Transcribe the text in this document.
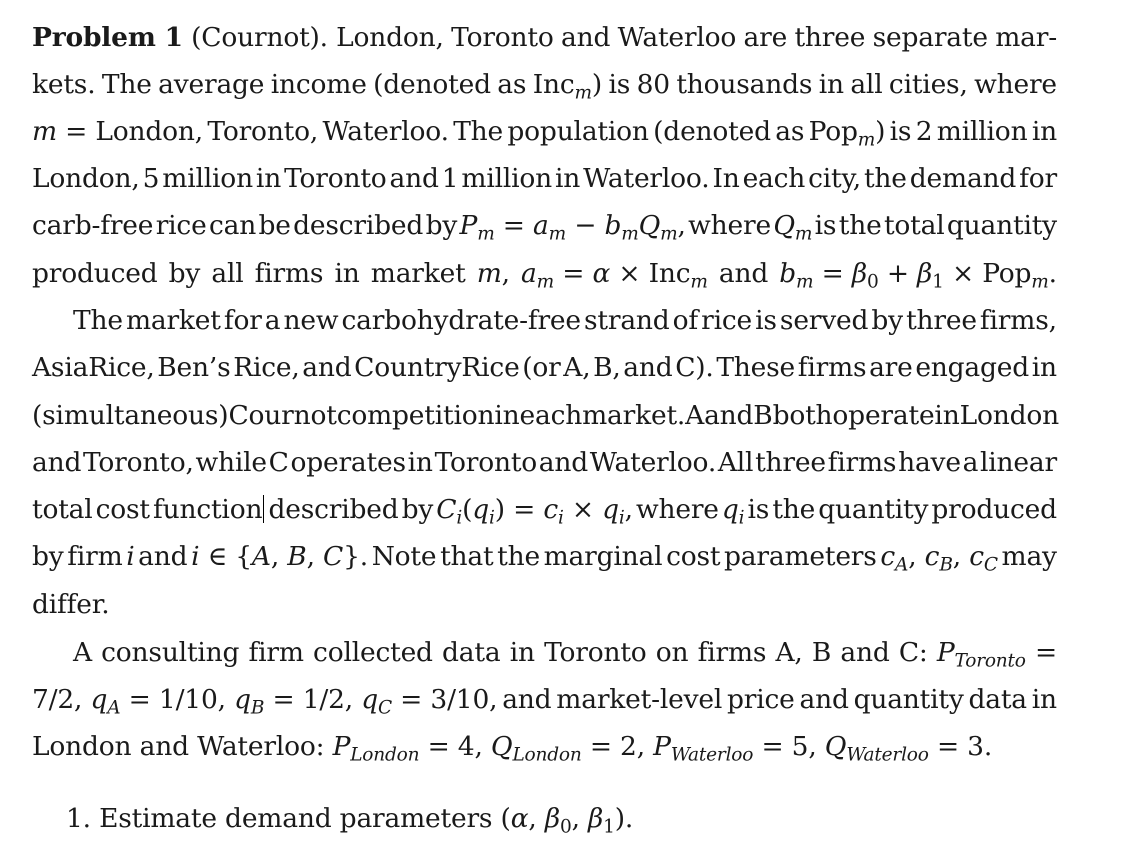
Problem 1 (Cournot). London, Toronto and Waterloo are three separate mar-
kets. The average income (denoted as Inc$_m$) is 80 thousands in all cities, where
m = London, Toronto, Waterloo. The population (denoted as Pop$_m$) is 2 million in
London, 5 million in Toronto and 1 million in Waterloo. In each city, the demand for
carb-free rice can be described by $P_m = a_m - b_mQ_m$, where $Q_m$ is the total quantity
produced by all firms in market m, $a_m = \alpha \times Inc_m$ and $b_m = \beta_0 + \beta_1 \times Pop_m$.
The market for a new carbohydrate-free strand of rice is served by three firms,
AsiaRice, Ben’s Rice, and CountryRice (or A, B, and C). These firms are engaged in
(simultaneous) Cournot competition in each market. A and B both operate in London
and Toronto, while C operates in Toronto and Waterloo. All three firms have a linear
total cost function described by $C_i(q_i) = c_i \times q_i$, where $q_i$ is the quantity produced
by firm i and i ∈ {A, B, C}. Note that the marginal cost parameters $c_A$, $c_B$, $c_C$ may
differ.
A consulting firm collected data in Toronto on firms A, B and C: $P_{Toronto}$ =
7/2, $q_A = 1/10$, $q_B = 1/2$, $q_C = 3/10$, and market-level price and quantity data in
London and Waterloo: $P_{London} = 4$, $Q_{London} = 2$, $P_{Waterloo} = 5$, $Q_{Waterloo} = 3$.
1. Estimate demand parameters (α, $\beta_0$, $\beta_1$).
